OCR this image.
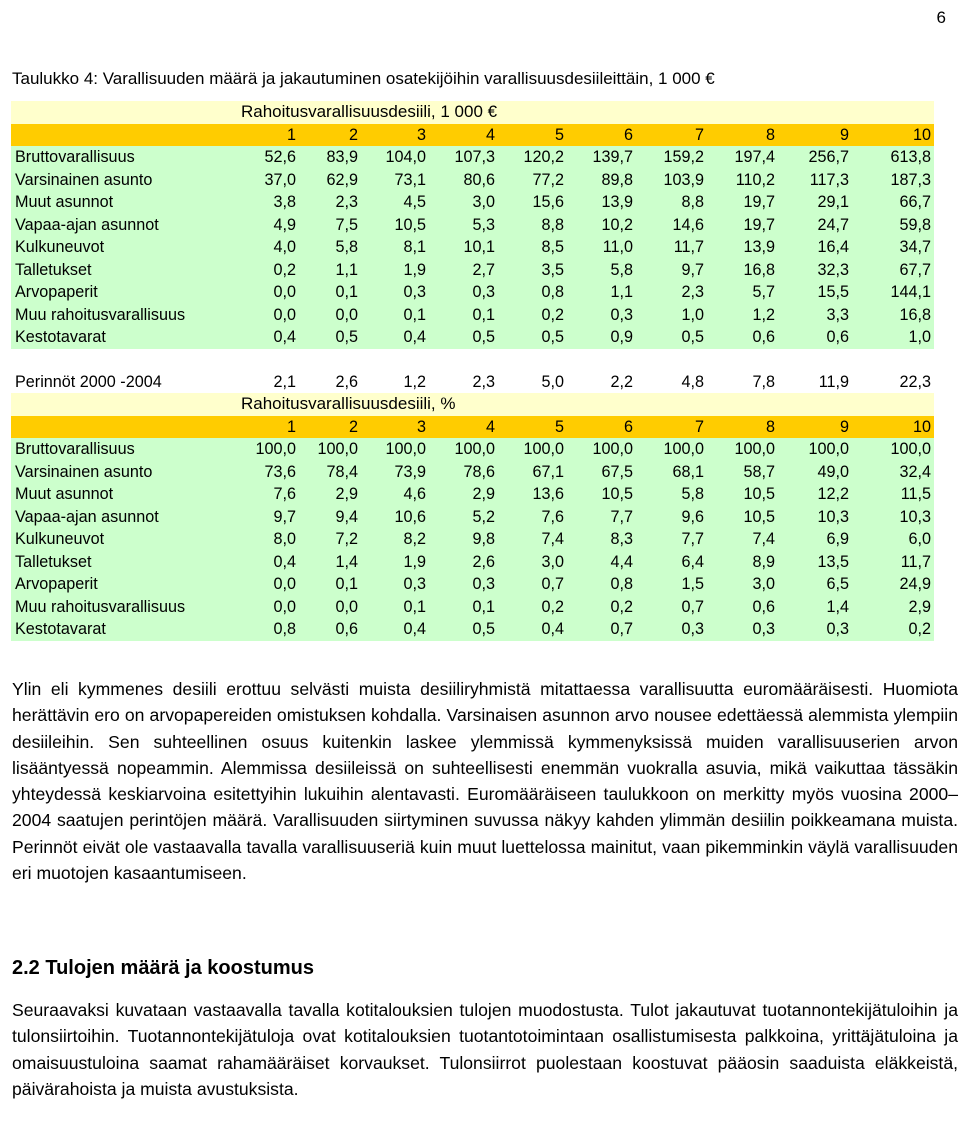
6
Taulukko 4: Varallisuuden määrä ja jakautuminen osatekijöihin varallisuusdesiileittäin, 1 000 €
	Rahoitusvarallisuusdesiili, 1 000 €									
	1	2	3	4	5	6	7	8	9	10
Bruttovarallisuus	52,6	83,9	104,0	107,3	120,2	139,7	159,2	197,4	256,7	613,8
Varsinainen asunto	37,0	62,9	73,1	80,6	77,2	89,8	103,9	110,2	117,3	187,3
Muut asunnot	3,8	2,3	4,5	3,0	15,6	13,9	8,8	19,7	29,1	66,7
Vapaa-ajan asunnot	4,9	7,5	10,5	5,3	8,8	10,2	14,6	19,7	24,7	59,8
Kulkuneuvot	4,0	5,8	8,1	10,1	8,5	11,0	11,7	13,9	16,4	34,7
Talletukset	0,2	1,1	1,9	2,7	3,5	5,8	9,7	16,8	32,3	67,7
Arvopaperit	0,0	0,1	0,3	0,3	0,8	1,1	2,3	5,7	15,5	144,1
Muu rahoitusvarallisuus	0,0	0,0	0,1	0,1	0,2	0,3	1,0	1,2	3,3	16,8
Kestotavarat	0,4	0,5	0,4	0,5	0,5	0,9	0,5	0,6	0,6	1,0

Perinnöt 2000 -2004	2,1	2,6	1,2	2,3	5,0	2,2	4,8	7,8	11,9	22,3
	Rahoitusvarallisuusdesiili, %									
	1	2	3	4	5	6	7	8	9	10
Bruttovarallisuus	100,0	100,0	100,0	100,0	100,0	100,0	100,0	100,0	100,0	100,0
Varsinainen asunto	73,6	78,4	73,9	78,6	67,1	67,5	68,1	58,7	49,0	32,4
Muut asunnot	7,6	2,9	4,6	2,9	13,6	10,5	5,8	10,5	12,2	11,5
Vapaa-ajan asunnot	9,7	9,4	10,6	5,2	7,6	7,7	9,6	10,5	10,3	10,3
Kulkuneuvot	8,0	7,2	8,2	9,8	7,4	8,3	7,7	7,4	6,9	6,0
Talletukset	0,4	1,4	1,9	2,6	3,0	4,4	6,4	8,9	13,5	11,7
Arvopaperit	0,0	0,1	0,3	0,3	0,7	0,8	1,5	3,0	6,5	24,9
Muu rahoitusvarallisuus	0,0	0,0	0,1	0,1	0,2	0,2	0,7	0,6	1,4	2,9
Kestotavarat	0,8	0,6	0,4	0,5	0,4	0,7	0,3	0,3	0,3	0,2

Ylin eli kymmenes desiili erottuu selvästi muista desiiliryhmistä mitattaessa varallisuutta euromääräisesti. Huomiota herättävin ero on arvopapereiden omistuksen kohdalla. Varsinaisen asunnon arvo nousee edettäessä alemmista ylempiin desiileihin. Sen suhteellinen osuus kuitenkin laskee ylemmissä kymmenyksissä muiden varallisuuserien arvon lisääntyessä nopeammin. Alemmissa desiileissä on suhteellisesti enemmän vuokralla asuvia, mikä vaikuttaa tässäkin yhteydessä keskiarvoina esitettyihin lukuihin alentavasti. Euromääräiseen taulukkoon on merkitty myös vuosina 2000–2004 saatujen perintöjen määrä. Varallisuuden siirtyminen suvussa näkyy kahden ylimmän desiilin poikkeamana muista. Perinnöt eivät ole vastaavalla tavalla varallisuuseriä kuin muut luettelossa mainitut, vaan pikemminkin väylä varallisuuden eri muotojen kasaantumiseen.

2.2 Tulojen määrä ja koostumus

Seuraavaksi kuvataan vastaavalla tavalla kotitalouksien tulojen muodostusta. Tulot jakautuvat tuotannontekijätuloihin ja tulonsiirtoihin. Tuotannontekijätuloja ovat kotitalouksien tuotantotoimintaan osallistumisesta palkkoina, yrittäjätuloina ja omaisuustuloina saamat rahamääräiset korvaukset. Tulonsiirrot puolestaan koostuvat pääosin saaduista eläkkeistä, päivärahoista ja muista avustuksista.
